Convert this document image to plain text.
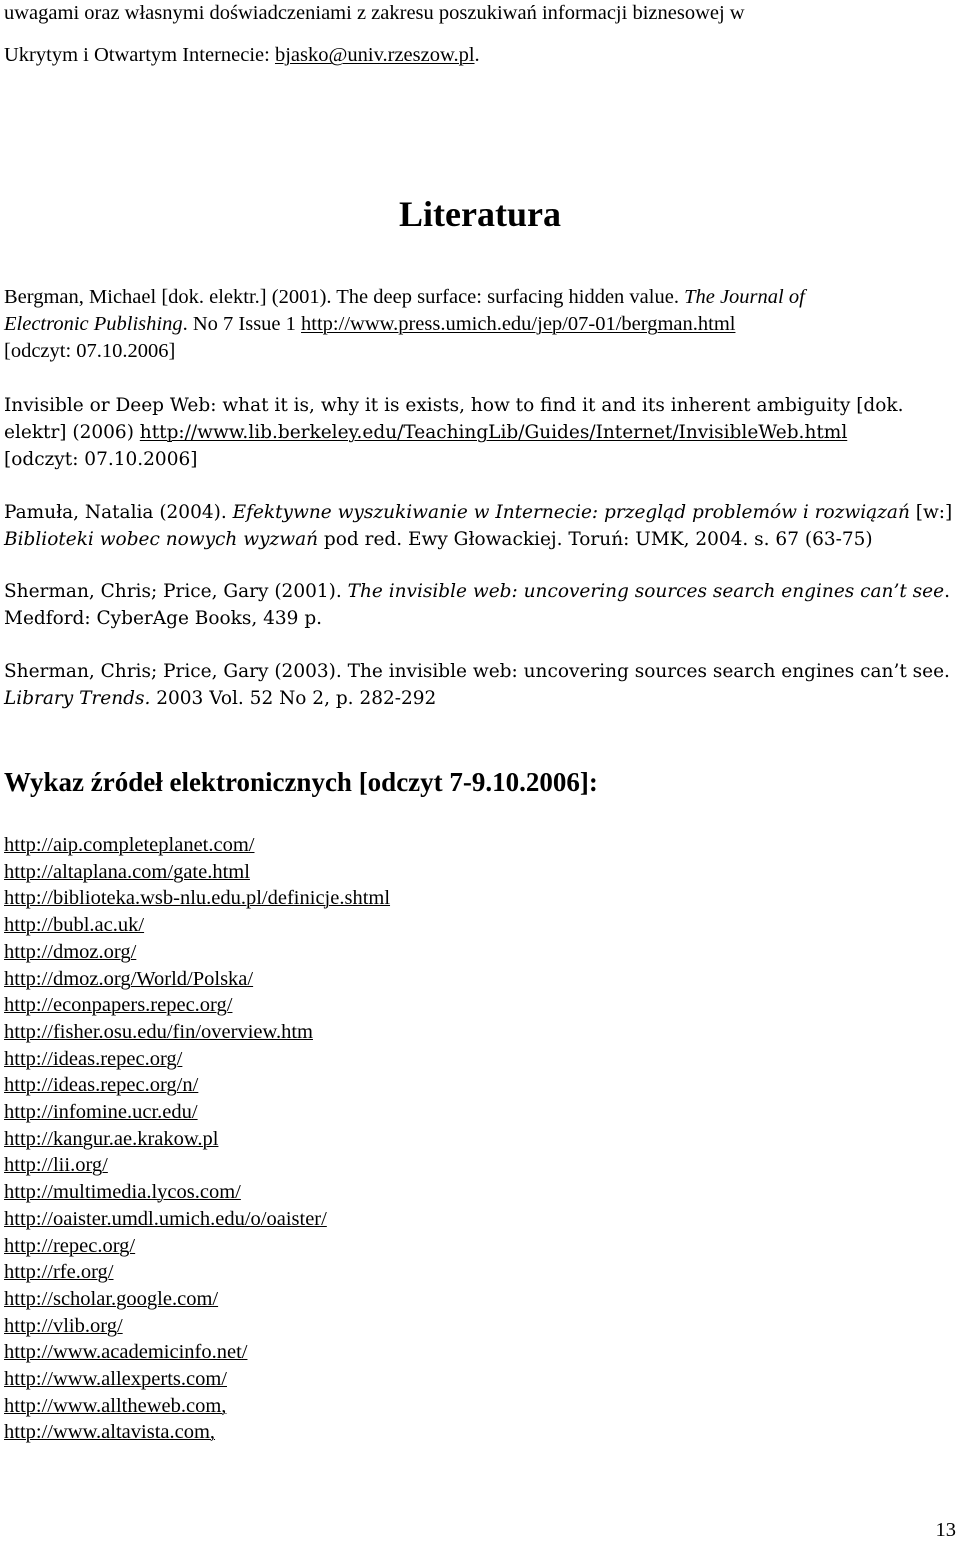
uwagami oraz własnymi doświadczeniami z zakresu poszukiwań informacji biznesowej w

Ukrytym i Otwartym Internecie: bjasko@univ.rzeszow.pl.

Literatura

Bergman, Michael [dok. elektr.] (2001). The deep surface: surfacing hidden value. The Journal of

Electronic Publishing. No 7 Issue 1 http://www.press.umich.edu/jep/07-01/bergman.html

[odczyt: 07.10.2006]

Invisible or Deep Web: what it is, why it is exists, how to find it and its inherent ambiguity [dok.

elektr] (2006) http://www.lib.berkeley.edu/TeachingLib/Guides/Internet/InvisibleWeb.html

[odczyt: 07.10.2006]

Pamuła, Natalia (2004). Efektywne wyszukiwanie w Internecie: przegląd problemów i rozwiązań [w:]

Biblioteki wobec nowych wyzwań pod red. Ewy Głowackiej. Toruń: UMK, 2004. s. 67 (63-75)

Sherman, Chris; Price, Gary (2001). The invisible web: uncovering sources search engines can’t see.

Medford: CyberAge Books, 439 p.

Sherman, Chris; Price, Gary (2003). The invisible web: uncovering sources search engines can’t see.

Library Trends. 2003 Vol. 52 No 2, p. 282-292

Wykaz źródeł elektronicznych [odczyt 7-9.10.2006]:

http://aip.completeplanet.com/

http://altaplana.com/gate.html

http://biblioteka.wsb-nlu.edu.pl/definicje.shtml

http://bubl.ac.uk/

http://dmoz.org/

http://dmoz.org/World/Polska/

http://econpapers.repec.org/

http://fisher.osu.edu/fin/overview.htm

http://ideas.repec.org/

http://ideas.repec.org/n/

http://infomine.ucr.edu/

http://kangur.ae.krakow.pl

http://lii.org/

http://multimedia.lycos.com/

http://oaister.umdl.umich.edu/o/oaister/

http://repec.org/

http://rfe.org/

http://scholar.google.com/

http://vlib.org/

http://www.academicinfo.net/

http://www.allexperts.com/

http://www.alltheweb.com,

http://www.altavista.com,

13
